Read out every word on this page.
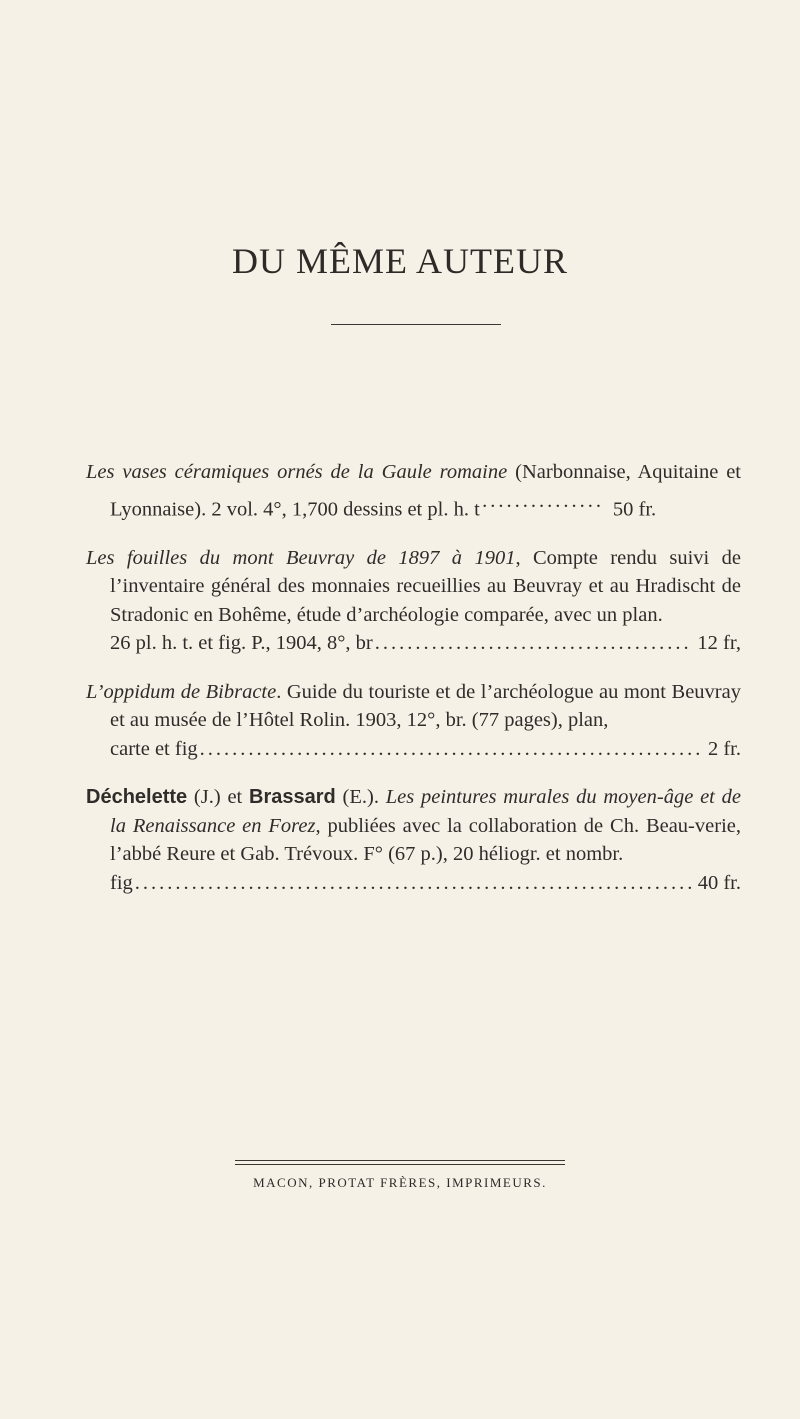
DU MÊME AUTEUR
Les vases céramiques ornés de la Gaule romaine (Narbonnaise, Aquitaine et Lyonnaise). 2 vol. 4°, 1,700 dessins et pl. h. t .....	50 fr.
Les fouilles du mont Beuvray de 1897 à 1901, Compte rendu suivi de l’inventaire général des monnaies recueillies au Beuvray et au Hradischt de Stradonic en Bohême, étude d’archéologie comparée, avec un plan.
26 pl. h. t. et fig. P., 1904, 8°, br .....	12 fr,
L’oppidum de Bibracte. Guide du touriste et de l’archéologue au mont Beuvray et au musée de l’Hôtel Rolin. 1903, 12°, br. (77 pages), plan,
carte et fig .....	2 fr.
Déchelette (J.) et Brassard (E.). Les peintures murales du moyen-âge et de la Renaissance en Forez, publiées avec la collaboration de Ch. Beau-verie, l’abbé Reure et Gab. Trévoux. F° (67 p.), 20 héliogr. et nombr.
fig .....	40 fr.
MACON, PROTAT FRÈRES, IMPRIMEURS.
